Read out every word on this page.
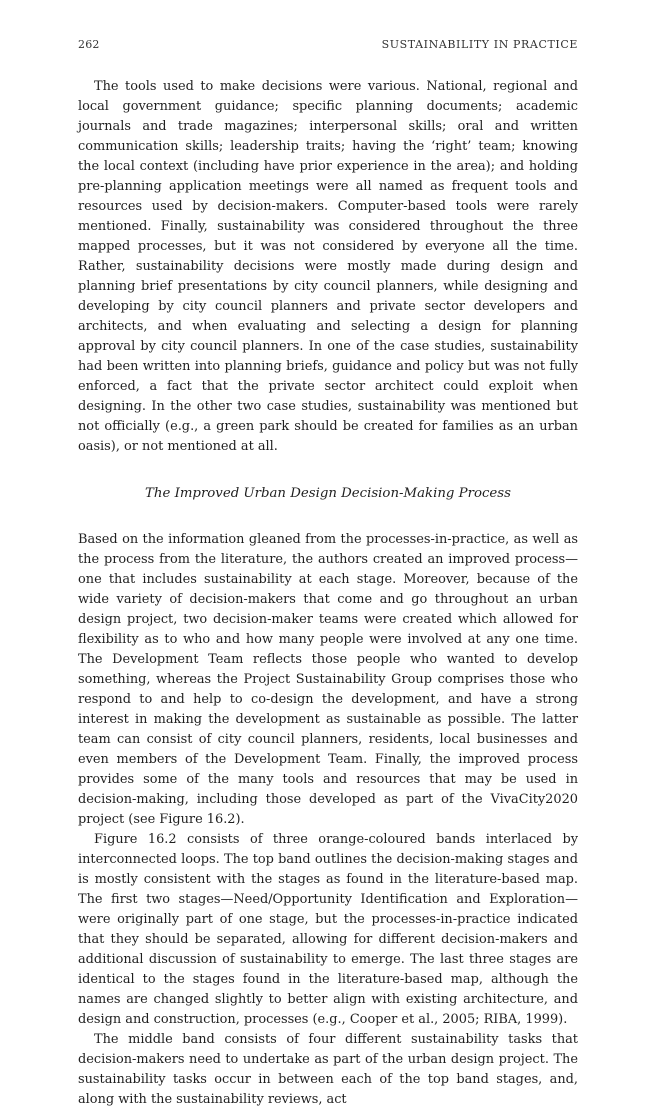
262	SUSTAINABILITY IN PRACTICE

The tools used to make decisions were various. National, regional and local government guidance; specific planning documents; academic journals and trade magazines; interpersonal skills; oral and written communication skills; leadership traits; having the ‘right’ team; knowing the local context (including have prior experience in the area); and holding pre-planning application meetings were all named as frequent tools and resources used by decision-makers. Computer-based tools were rarely mentioned. Finally, sustainability was considered throughout the three mapped processes, but it was not considered by everyone all the time. Rather, sustainability decisions were mostly made during design and planning brief presentations by city council planners, while designing and developing by city council planners and private sector developers and architects, and when evaluating and selecting a design for planning approval by city council planners. In one of the case studies, sustainability had been written into planning briefs, guidance and policy but was not fully enforced, a fact that the private sector architect could exploit when designing. In the other two case studies, sustainability was mentioned but not officially (e.g., a green park should be created for families as an urban oasis), or not mentioned at all.

The Improved Urban Design Decision-Making Process

Based on the information gleaned from the processes-in-practice, as well as the process from the literature, the authors created an improved process—one that includes sustainability at each stage. Moreover, because of the wide variety of decision-makers that come and go throughout an urban design project, two decision-maker teams were created which allowed for flexibility as to who and how many people were involved at any one time. The Development Team reflects those people who wanted to develop something, whereas the Project Sustainability Group comprises those who respond to and help to co-design the development, and have a strong interest in making the development as sustainable as possible. The latter team can consist of city council planners, residents, local businesses and even members of the Development Team. Finally, the improved process provides some of the many tools and resources that may be used in decision-making, including those developed as part of the VivaCity2020 project (see Figure 16.2).

Figure 16.2 consists of three orange-coloured bands interlaced by interconnected loops. The top band outlines the decision-making stages and is mostly consistent with the stages as found in the literature-based map. The first two stages—Need/Opportunity Identification and Exploration—were originally part of one stage, but the processes-in-practice indicated that they should be separated, allowing for different decision-makers and additional discussion of sustainability to emerge. The last three stages are identical to the stages found in the literature-based map, although the names are changed slightly to better align with existing architecture, and design and construction, processes (e.g., Cooper et al., 2005; RIBA, 1999).

The middle band consists of four different sustainability tasks that decision-makers need to undertake as part of the urban design project. The sustainability tasks occur in between each of the top band stages, and, along with the sustainability reviews, act
